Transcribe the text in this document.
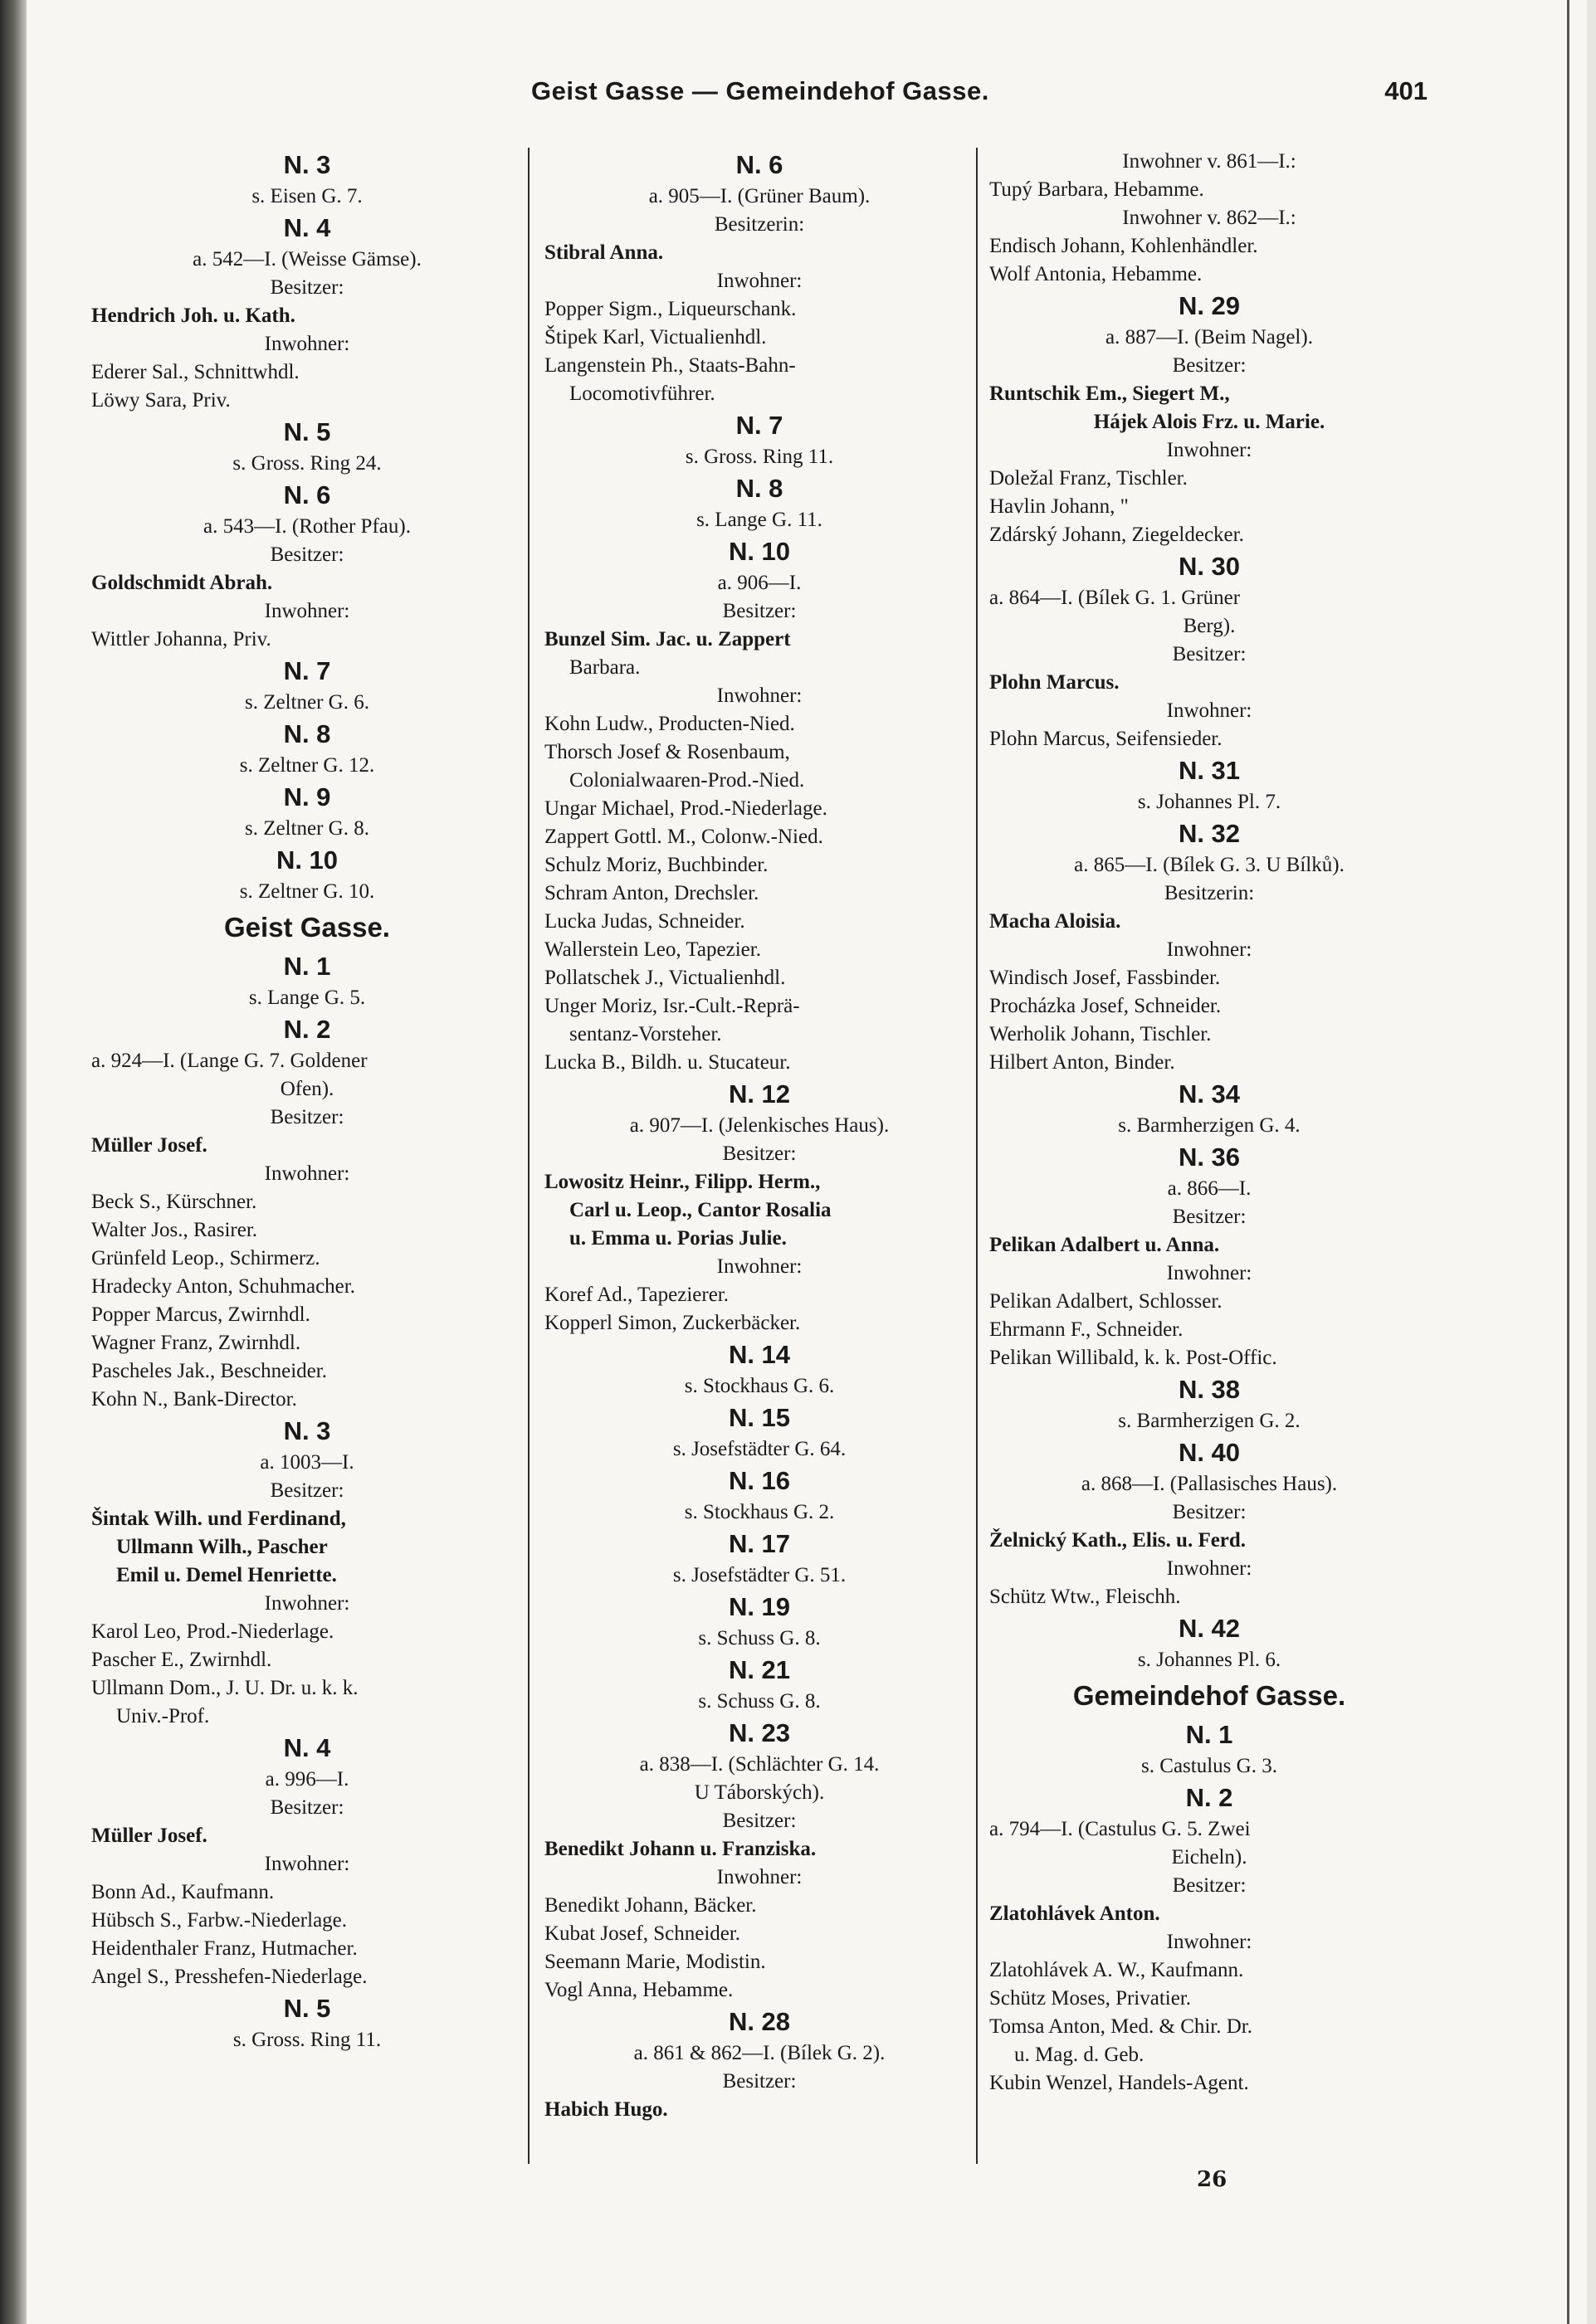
Geist Gasse — Gemeindehof Gasse.	401
N. 3
s. Eisen G. 7.
N. 4
a. 542—I. (Weisse Gämse).
Besitzer:
Hendrich Joh. u. Kath.
Inwohner:
Ederer Sal., Schnittwhdl.
Löwy Sara, Priv.
N. 5
s. Gross. Ring 24.
N. 6
a. 543—I. (Rother Pfau).
Besitzer:
Goldschmidt Abrah.
Inwohner:
Wittler Johanna, Priv.
N. 7
s. Zeltner G. 6.
N. 8
s. Zeltner G. 12.
N. 9
s. Zeltner G. 8.
N. 10
s. Zeltner G. 10.
Geist Gasse.
N. 1
s. Lange G. 5.
N. 2
a. 924—I. (Lange G. 7. Goldener
Ofen).
Besitzer:
Müller Josef.
Inwohner:
Beck S., Kürschner.
Walter Jos., Rasirer.
Grünfeld Leop., Schirmerz.
Hradecky Anton, Schuhmacher.
Popper Marcus, Zwirnhdl.
Wagner Franz, Zwirnhdl.
Pascheles Jak., Beschneider.
Kohn N., Bank-Director.
N. 3
a. 1003—I.
Besitzer:
Šintak Wilh. und Ferdinand,
Ullmann Wilh., Pascher
Emil u. Demel Henriette.
Inwohner:
Karol Leo, Prod.-Niederlage.
Pascher E., Zwirnhdl.
Ullmann Dom., J. U. Dr. u. k. k.
Univ.-Prof.
N. 4
a. 996—I.
Besitzer:
Müller Josef.
Inwohner:
Bonn Ad., Kaufmann.
Hübsch S., Farbw.-Niederlage.
Heidenthaler Franz, Hutmacher.
Angel S., Presshefen-Niederlage.
N. 5
s. Gross. Ring 11.
N. 6
a. 905—I. (Grüner Baum).
Besitzerin:
Stibral Anna.
Inwohner:
Popper Sigm., Liqueurschank.
Štipek Karl, Victualienhdl.
Langenstein Ph., Staats-Bahn-
Locomotivführer.
N. 7
s. Gross. Ring 11.
N. 8
s. Lange G. 11.
N. 10
a. 906—I.
Besitzer:
Bunzel Sim. Jac. u. Zappert
Barbara.
Inwohner:
Kohn Ludw., Producten-Nied.
Thorsch Josef & Rosenbaum,
Colonialwaaren-Prod.-Nied.
Ungar Michael, Prod.-Niederlage.
Zappert Gottl. M., Colonw.-Nied.
Schulz Moriz, Buchbinder.
Schram Anton, Drechsler.
Lucka Judas, Schneider.
Wallerstein Leo, Tapezier.
Pollatschek J., Victualienhdl.
Unger Moriz, Isr.-Cult.-Reprä-
sentanz-Vorsteher.
Lucka B., Bildh. u. Stucateur.
N. 12
a. 907—I. (Jelenkisches Haus).
Besitzer:
Lowositz Heinr., Filipp. Herm.,
Carl u. Leop., Cantor Rosalia
u. Emma u. Porias Julie.
Inwohner:
Koref Ad., Tapezierer.
Kopperl Simon, Zuckerbäcker.
N. 14
s. Stockhaus G. 6.
N. 15
s. Josefstädter G. 64.
N. 16
s. Stockhaus G. 2.
N. 17
s. Josefstädter G. 51.
N. 19
s. Schuss G. 8.
N. 21
s. Schuss G. 8.
N. 23
a. 838—I. (Schlächter G. 14.
U Táborských).
Besitzer:
Benedikt Johann u. Franziska.
Inwohner:
Benedikt Johann, Bäcker.
Kubat Josef, Schneider.
Seemann Marie, Modistin.
Vogl Anna, Hebamme.
N. 28
a. 861 & 862—I. (Bílek G. 2).
Besitzer:
Habich Hugo.
Inwohner v. 861—I.:
Tupý Barbara, Hebamme.
Inwohner v. 862—I.:
Endisch Johann, Kohlenhändler.
Wolf Antonia, Hebamme.
N. 29
a. 887—I. (Beim Nagel).
Besitzer:
Runtschik Em., Siegert M.,
Hájek Alois Frz. u. Marie.
Inwohner:
Doležal Franz, Tischler.
Havlin Johann, "
Zdárský Johann, Ziegeldecker.
N. 30
a. 864—I. (Bílek G. 1. Grüner
Berg).
Besitzer:
Plohn Marcus.
Inwohner:
Plohn Marcus, Seifensieder.
N. 31
s. Johannes Pl. 7.
N. 32
a. 865—I. (Bílek G. 3. U Bílků).
Besitzerin:
Macha Aloisia.
Inwohner:
Windisch Josef, Fassbinder.
Procházka Josef, Schneider.
Werholik Johann, Tischler.
Hilbert Anton, Binder.
N. 34
s. Barmherzigen G. 4.
N. 36
a. 866—I.
Besitzer:
Pelikan Adalbert u. Anna.
Inwohner:
Pelikan Adalbert, Schlosser.
Ehrmann F., Schneider.
Pelikan Willibald, k. k. Post-Offic.
N. 38
s. Barmherzigen G. 2.
N. 40
a. 868—I. (Pallasisches Haus).
Besitzer:
Želnický Kath., Elis. u. Ferd.
Inwohner:
Schütz Wtw., Fleischh.
N. 42
s. Johannes Pl. 6.
Gemeindehof Gasse.
N. 1
s. Castulus G. 3.
N. 2
a. 794—I. (Castulus G. 5. Zwei
Eicheln).
Besitzer:
Zlatohlávek Anton.
Inwohner:
Zlatohlávek A. W., Kaufmann.
Schütz Moses, Privatier.
Tomsa Anton, Med. & Chir. Dr.
u. Mag. d. Geb.
Kubin Wenzel, Handels-Agent.
26
